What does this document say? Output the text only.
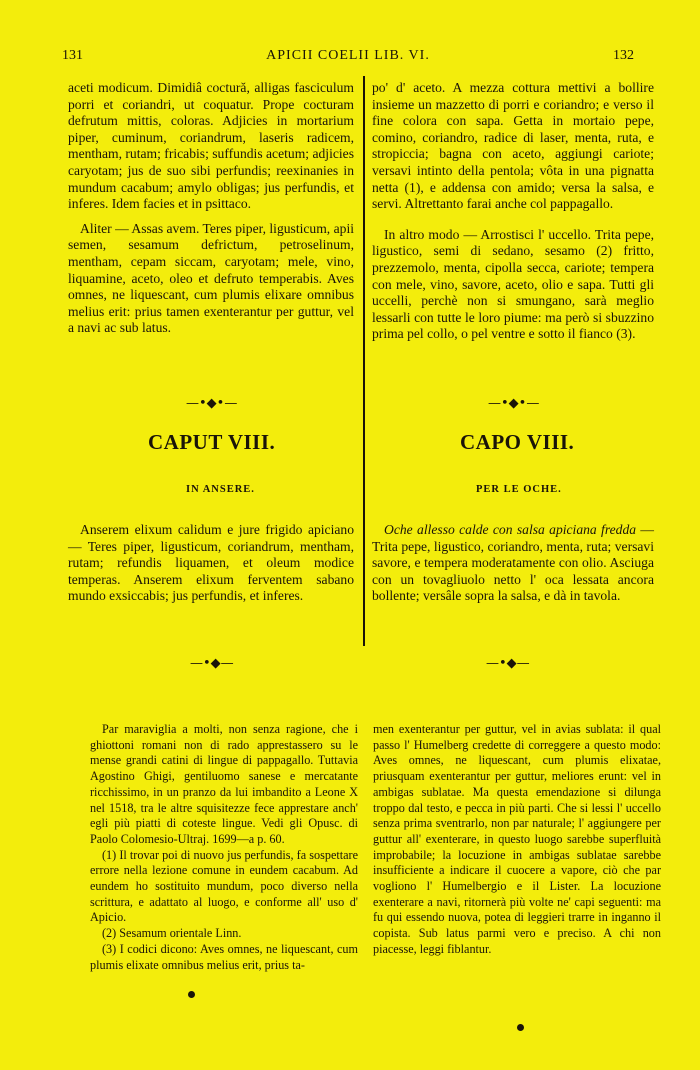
131	APICII COELII LIB. VI.	132

aceti modicum. Dimidiâ coctură, alligas fasciculum porri et coriandri, ut coquatur. Prope cocturam defrutum mittis, coloras. Adjicies in mortarium piper, cuminum, coriandrum, laseris radicem, mentham, rutam; fricabis; suffundis acetum; adjicies caryotam; jus de suo sibi perfundis; reexinanies in mundum cacabum; amylo obligas; jus perfundis, et inferes. Idem facies et in psittaco.

Aliter — Assas avem. Teres piper, ligusticum, apii semen, sesamum defrictum, petroselinum, mentham, cepam siccam, caryotam; mele, vino, liquamine, aceto, oleo et defruto temperabis. Aves omnes, ne liquescant, cum plumis elixare omnibus melius erit: prius tamen exenterantur per guttur, vel a navi ac sub latus.

—•◆•—
CAPUT VIII.
IN ANSERE.

Anserem elixum calidum e jure frigido apiciano — Teres piper, ligusticum, coriandrum, mentham, rutam; refundis liquamen, et oleum modice temperas. Anserem elixum ferventem sabano mundo exsiccabis; jus perfundis, et inferes.

—•◆—

po' d' aceto. A mezza cottura mettivi a bollire insieme un mazzetto di porri e coriandro; e verso il fine colora con sapa. Getta in mortaio pepe, comino, coriandro, radice di laser, menta, ruta, e stropiccia; bagna con aceto, aggiungi cariote; versavi intinto della pentola; vôta in una pignatta netta (1), e addensa con amido; versa la salsa, e servi. Altrettanto farai anche col pappagallo.

In altro modo — Arrostisci l' uccello. Trita pepe, ligustico, semi di sedano, sesamo (2) fritto, prezzemolo, menta, cipolla secca, cariote; tempera con mele, vino, savore, aceto, olio e sapa. Tutti gli uccelli, perchè non si smungano, sarà meglio lessarli con tutte le loro piume: ma però si sbuzzino prima pel collo, o pel ventre e sotto il fianco (3).

—•◆•—
CAPO VIII.
PER LE OCHE.

Oche allesso calde con salsa apiciana fredda — Trita pepe, ligustico, coriandro, menta, ruta; versavi savore, e tempera moderatamente con olio. Asciuga con un tovagliuolo netto l' oca lessata ancora bollente; versâle sopra la salsa, e dà in tavola.

—•◆—

Par maraviglia a molti, non senza ragione, che i ghiottoni romani non di rado apprestassero su le mense grandi catini di lingue di pappagallo. Tuttavia Agostino Ghigi, gentiluomo sanese e mercatante ricchissimo, in un pranzo da lui imbandito a Leone X nel 1518, tra le altre squisitezze fece apprestare anch' egli più piatti di coteste lingue. Vedi gli Opusc. di Paolo Colomesio-Ultraj. 1699—a p. 60.

(1) Il trovar poi di nuovo jus perfundis, fa sospettare errore nella lezione comune in eundem cacabum. Ad eundem ho sostituito mundum, poco diverso nella scrittura, e adattato al luogo, e conforme all' uso d' Apicio.

(2) Sesamum orientale Linn.

(3) I codici dicono: Aves omnes, ne liquescant, cum plumis elixate omnibus melius erit, prius ta-

men exenterantur per guttur, vel in avias sublata: il qual passo l' Humelberg credette di correggere a questo modo: Aves omnes, ne liquescant, cum plumis elixatae, priusquam exenterantur per guttur, meliores erunt: vel in ambigas sublatae. Ma questa emendazione si dilunga troppo dal testo, e pecca in più parti. Che si lessi l' uccello senza prima sventrarlo, non par naturale; l' aggiungere per guttur all' exenterare, in questo luogo sarebbe superfluità improbabile; la locuzione in ambigas sublatae sarebbe insufficiente a indicare il cuocere a vapore, ciò che par vogliono l' Humelbergio e il Lister. La locuzione exenterare a navi, ritornerà più volte ne' capi seguenti: ma fu qui essendo nuova, potea di leggieri trarre in inganno il copista. Sub latus parmi vero e preciso. A chi non piacesse, leggi fiblantur.
